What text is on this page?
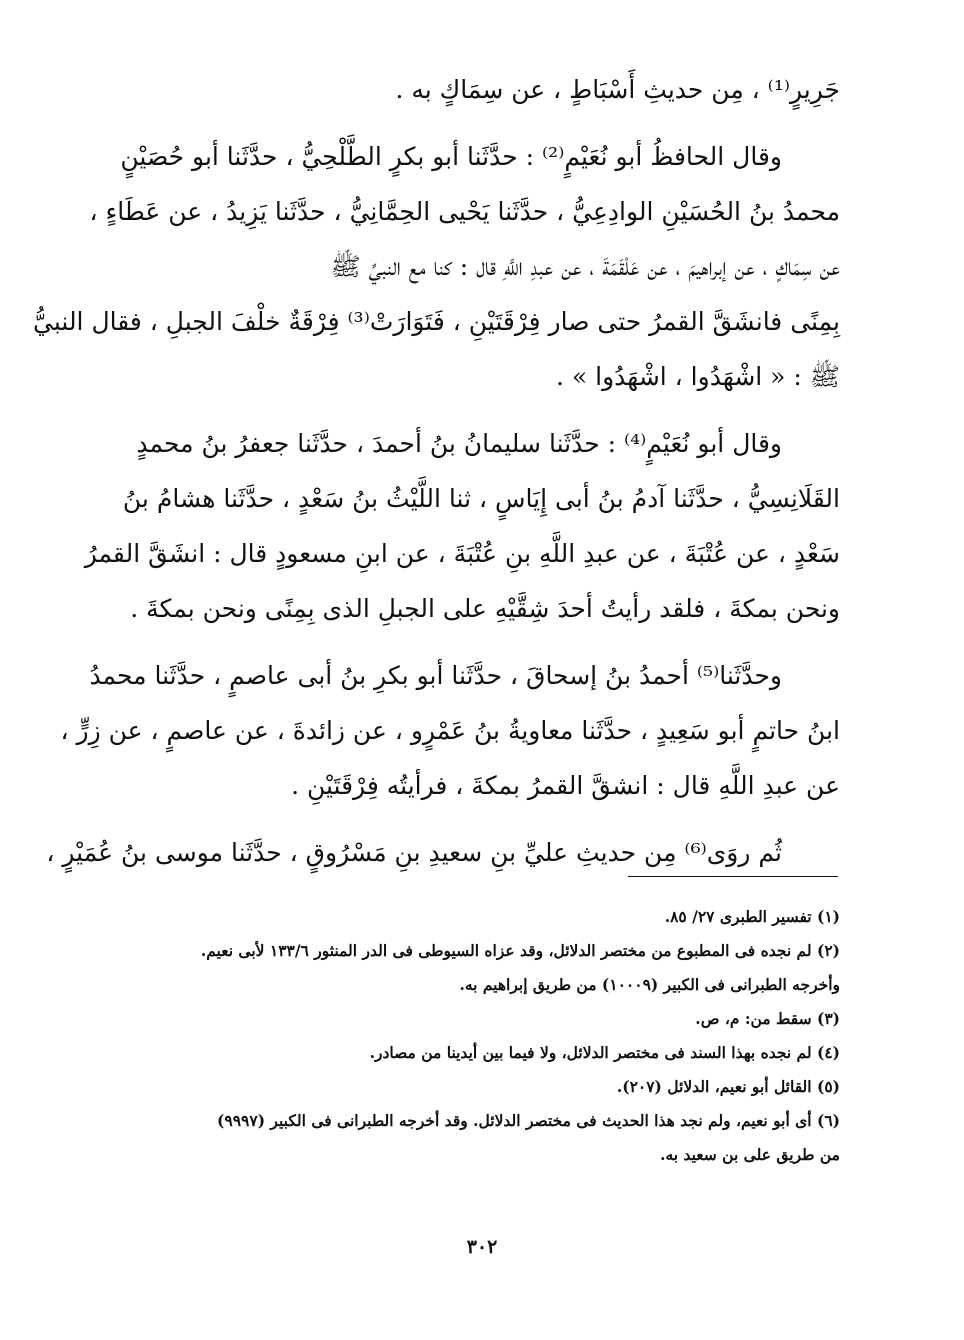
جَرِيرٍ⁽¹⁾ ، مِن حديثِ أَسْبَاطٍ ، عن سِمَاكٍ به .

وقال الحافظُ أبو نُعَيْمٍ⁽²⁾ : حدَّثَنا أبو بكرٍ الطَّلْحِيُّ ، حدَّثَنا أبو حُصَيْنٍ

محمدُ بنُ الحُسَيْنِ الوادِعِيُّ ، حدَّثَنا يَحْيى الحِمَّانِيُّ ، حدَّثَنا يَزِيدُ ، عن عَطَاءٍ ،

عن سِمَاكٍ ، عن إبراهيمَ ، عن عَلْقَمَةَ ، عن عبدِ اللَّهِ قال : كنا مع النبيِّ ﷺ

بِمِنًى فانشَقَّ القمرُ حتى صار فِرْقَتَيْنِ ، فَتَوَارَتْ⁽³⁾ فِرْقَةٌ خلْفَ الجبلِ ، فقال النبيُّ

ﷺ : « اشْهَدُوا ، اشْهَدُوا » .

وقال أبو نُعَيْمٍ⁽⁴⁾ : حدَّثَنا سليمانُ بنُ أحمدَ ، حدَّثَنا جعفرُ بنُ محمدٍ

القَلَانِسِيُّ ، حدَّثَنا آدمُ بنُ أبى إِيَاسٍ ، ثنا اللَّيْثُ بنُ سَعْدٍ ، حدَّثَنا هشامُ بنُ

سَعْدٍ ، عن عُتْبَةَ ، عن عبدِ اللَّهِ بنِ عُتْبَةَ ، عن ابنِ مسعودٍ قال : انشَقَّ القمرُ

ونحن بمكةَ ، فلقد رأيتُ أحدَ شِقَّيْهِ على الجبلِ الذى بِمِنًى ونحن بمكةَ .

وحدَّثَنا⁽⁵⁾ أحمدُ بنُ إسحاقَ ، حدَّثَنا أبو بكرِ بنُ أبى عاصمٍ ، حدَّثَنا محمدُ

ابنُ حاتمٍ أبو سَعِيدٍ ، حدَّثَنا معاويةُ بنُ عَمْرٍو ، عن زائدةَ ، عن عاصمٍ ، عن زِرٍّ ،

عن عبدِ اللَّهِ قال : انشقَّ القمرُ بمكةَ ، فرأيتُه فِرْقَتَيْنِ .

ثُم روَى⁽⁶⁾ مِن حديثِ عليِّ بنِ سعيدِ بنِ مَسْرُوقٍ ، حدَّثَنا موسى بنُ عُمَيْرٍ ،

(١) تفسير الطبرى ٢٧/ ٨٥.

(٢) لم نجده فى المطبوع من مختصر الدلائل، وقد عزاه السيوطى فى الدر المنثور ١٣٣/٦ لأبى نعيم.

وأخرجه الطبرانى فى الكبير (١٠٠٠٩) من طريق إبراهيم به.

(٣) سقط من: م، ص.

(٤) لم نجده بهذا السند فى مختصر الدلائل، ولا فيما بين أيدينا من مصادر.

(٥) القائل أبو نعيم، الدلائل (٢٠٧).

(٦) أى أبو نعيم، ولم نجد هذا الحديث فى مختصر الدلائل. وقد أخرجه الطبرانى فى الكبير (٩٩٩٧)

من طريق على بن سعيد به.

٣٠٢
